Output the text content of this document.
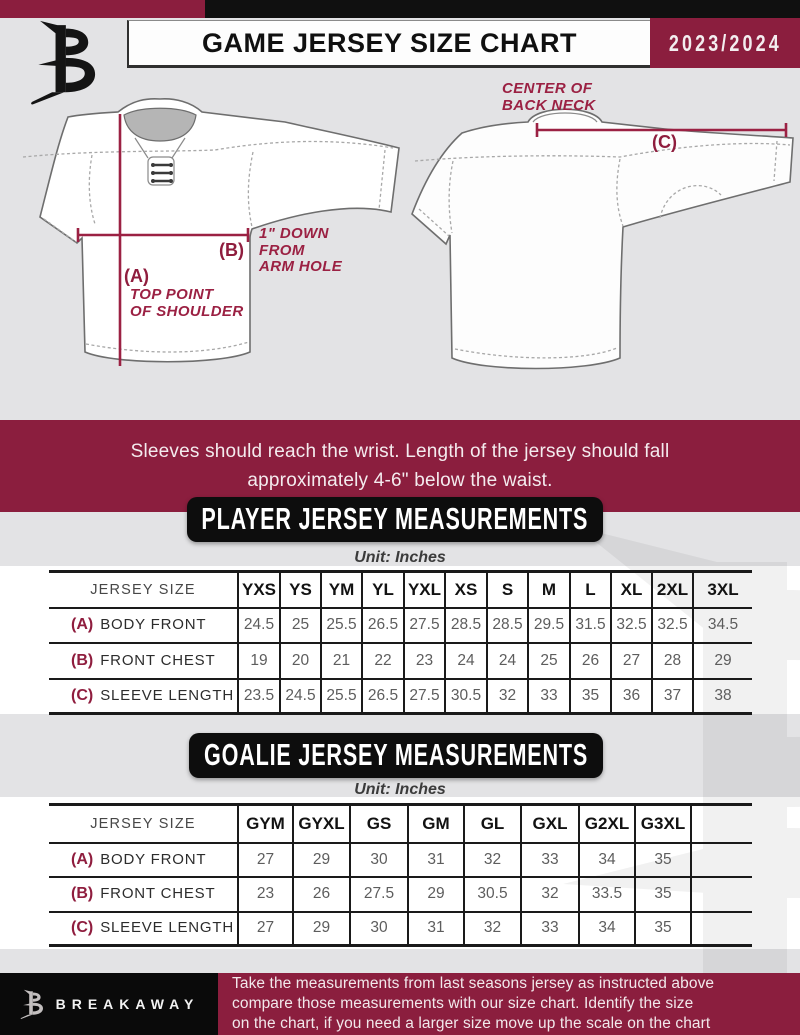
GAME JERSEY SIZE CHART	2023/2024
CENTER OF
BACK NECK
(C)
(B)
1" DOWN
FROM
ARM HOLE
(A)
TOP POINT
OF SHOULDER
Sleeves should reach the wrist. Length of the jersey should fall
approximately 4-6" below the waist.
PLAYER JERSEY MEASUREMENTS
Unit: Inches
JERSEY SIZE	YXS	YS	YM	YL	YXL	XS	S	M	L	XL	2XL	3XL
(A) BODY FRONT	24.5	25	25.5	26.5	27.5	28.5	28.5	29.5	31.5	32.5	32.5	34.5
(B) FRONT CHEST	19	20	21	22	23	24	24	25	26	27	28	29
(C) SLEEVE LENGTH	23.5	24.5	25.5	26.5	27.5	30.5	32	33	35	36	37	38
GOALIE JERSEY MEASUREMENTS
Unit: Inches
JERSEY SIZE	GYM	GYXL	GS	GM	GL	GXL	G2XL	G3XL	
(A) BODY FRONT	27	29	30	31	32	33	34	35	
(B) FRONT CHEST	23	26	27.5	29	30.5	32	33.5	35	
(C) SLEEVE LENGTH	27	29	30	31	32	33	34	35	
BREAKAWAY
Take the measurements from last seasons jersey as instructed above
compare those measurements with our size chart. Identify the size
on the chart, if you need a larger size move up the scale on the chart
